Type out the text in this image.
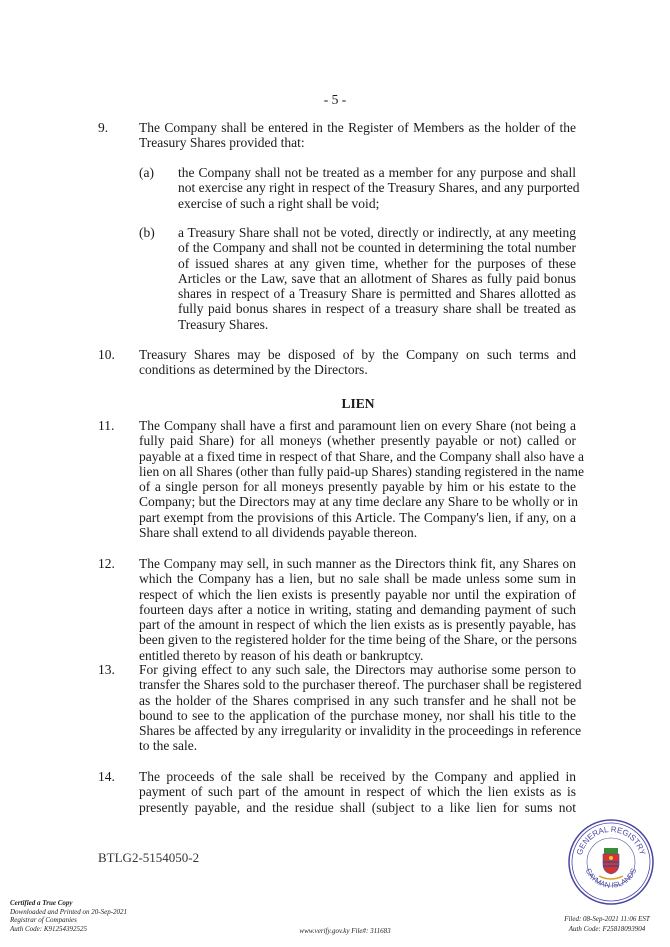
- 5 -
9. The Company shall be entered in the Register of Members as the holder of the
Treasury Shares provided that:
(a) the Company shall not be treated as a member for any purpose and shall
not exercise any right in respect of the Treasury Shares, and any purported
exercise of such a right shall be void;
(b) a Treasury Share shall not be voted, directly or indirectly, at any meeting
of the Company and shall not be counted in determining the total number
of issued shares at any given time, whether for the purposes of these
Articles or the Law, save that an allotment of Shares as fully paid bonus
shares in respect of a Treasury Share is permitted and Shares allotted as
fully paid bonus shares in respect of a treasury share shall be treated as
Treasury Shares.
10. Treasury Shares may be disposed of by the Company on such terms and
conditions as determined by the Directors.
LIEN
11. The Company shall have a first and paramount lien on every Share (not being a
fully paid Share) for all moneys (whether presently payable or not) called or
payable at a fixed time in respect of that Share, and the Company shall also have a
lien on all Shares (other than fully paid-up Shares) standing registered in the name
of a single person for all moneys presently payable by him or his estate to the
Company; but the Directors may at any time declare any Share to be wholly or in
part exempt from the provisions of this Article. The Company's lien, if any, on a
Share shall extend to all dividends payable thereon.
12. The Company may sell, in such manner as the Directors think fit, any Shares on
which the Company has a lien, but no sale shall be made unless some sum in
respect of which the lien exists is presently payable nor until the expiration of
fourteen days after a notice in writing, stating and demanding payment of such
part of the amount in respect of which the lien exists as is presently payable, has
been given to the registered holder for the time being of the Share, or the persons
entitled thereto by reason of his death or bankruptcy.
13. For giving effect to any such sale, the Directors may authorise some person to
transfer the Shares sold to the purchaser thereof. The purchaser shall be registered
as the holder of the Shares comprised in any such transfer and he shall not be
bound to see to the application of the purchase money, nor shall his title to the
Shares be affected by any irregularity or invalidity in the proceedings in reference
to the sale.
14. The proceeds of the sale shall be received by the Company and applied in
payment of such part of the amount in respect of which the lien exists as is
presently payable, and the residue shall (subject to a like lien for sums not
BTLG2-5154050-2
Certified a True Copy
Downloaded and Printed on 20-Sep-2021
Registrar of Companies
Auth Code: K91254392525	www.verify.gov.ky File#: 311683
Filed: 08-Sep-2021 11:06 EST
Auth Code: F25818093904
GENERAL REGISTRY
CAYMAN ISLANDS
